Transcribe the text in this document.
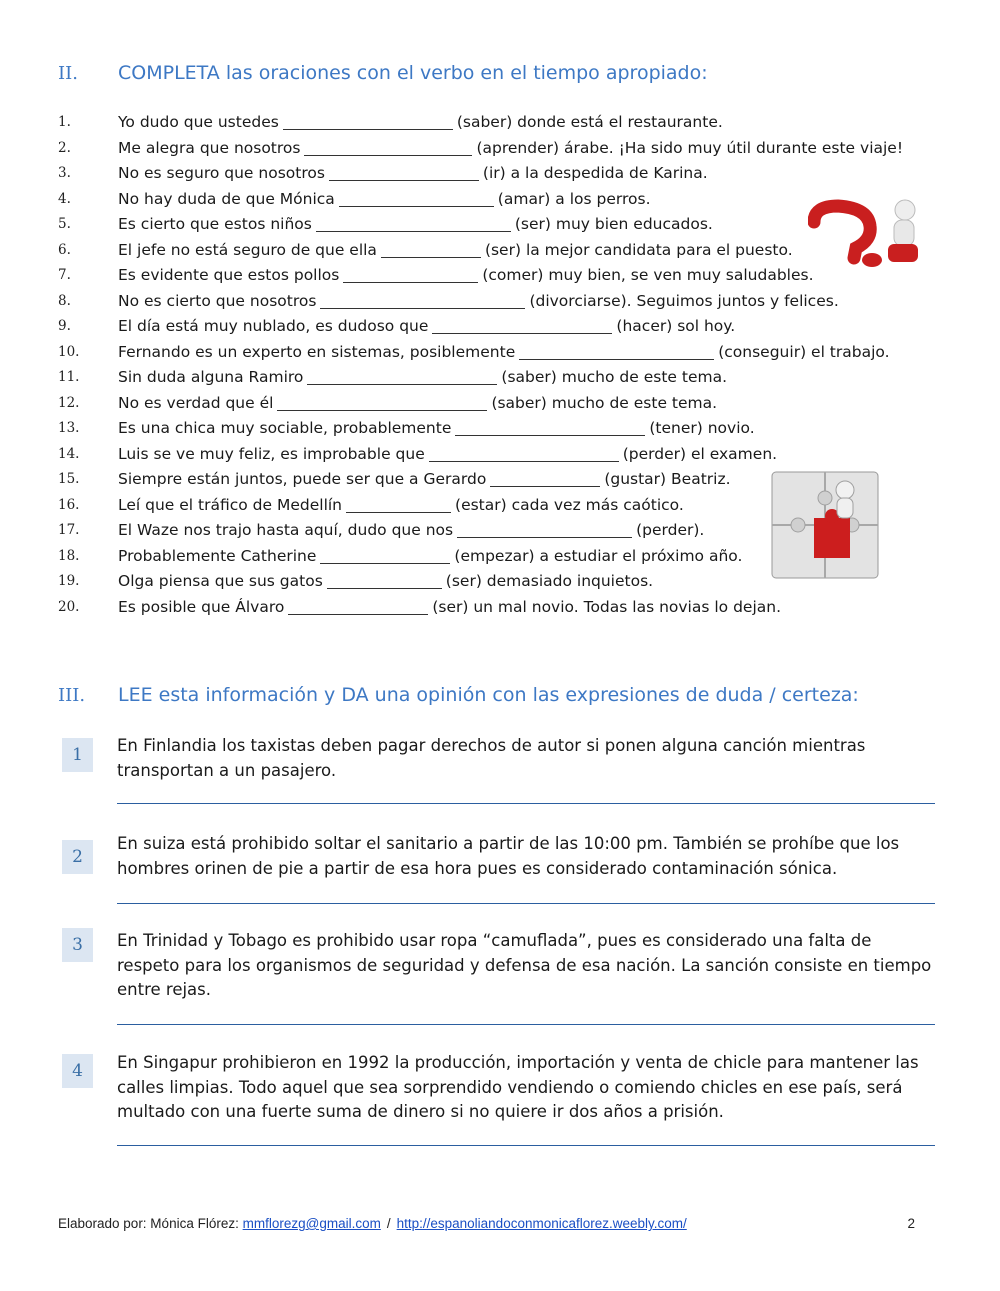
II.	COMPLETA las oraciones con el verbo en el tiempo apropiado:
1.	Yo dudo que ustedes	(saber) donde está el restaurante.
2.	Me alegra que nosotros	(aprender) árabe. ¡Ha sido muy útil durante este viaje!
3.	No es seguro que nosotros	(ir) a la despedida de Karina.
4.	No hay duda de que Mónica	(amar) a los perros.
5.	Es cierto que estos niños	(ser) muy bien educados.
6.	El jefe no está seguro de que ella	(ser) la mejor candidata para el puesto.
7.	Es evidente que estos pollos	(comer) muy bien, se ven muy saludables.
8.	No es cierto que nosotros	(divorciarse). Seguimos juntos y felices.
9.	El día está muy nublado, es dudoso que	(hacer) sol hoy.
10.	Fernando es un experto en sistemas, posiblemente	(conseguir) el trabajo.
11.	Sin duda alguna Ramiro	(saber) mucho de este tema.
12.	No es verdad que él	(saber) mucho de este tema.
13.	Es una chica muy sociable, probablemente	(tener) novio.
14.	Luis se ve muy feliz, es improbable que	(perder) el examen.
15.	Siempre están juntos, puede ser que a Gerardo	(gustar) Beatriz.
16.	Leí que el tráfico de Medellín	(estar) cada vez más caótico.
17.	El Waze nos trajo hasta aquí, dudo que nos	(perder).
18.	Probablemente Catherine	(empezar) a estudiar el próximo año.
19.	Olga piensa que sus gatos	(ser) demasiado inquietos.
20.	Es posible que Álvaro	(ser) un mal novio. Todas las novias lo dejan.
III.	LEE esta información y DA una opinión con las expresiones de duda / certeza:
1	En Finlandia los taxistas deben pagar derechos de autor si ponen alguna canción mientras transportan a un pasajero.
2
En suiza está prohibido soltar el sanitario a partir de las 10:00 pm. También se prohíbe que los hombres orinen de pie a partir de esa hora pues es considerado contaminación sónica.
3	En Trinidad y Tobago es prohibido usar ropa “camuflada”, pues es considerado una falta de respeto para los organismos de seguridad y defensa de esa nación. La sanción consiste en tiempo entre rejas.
4	En Singapur prohibieron en 1992 la producción, importación y venta de chicle para mantener las calles limpias. Todo aquel que sea sorprendido vendiendo o comiendo chicles en ese país, será multado con una fuerte suma de dinero si no quiere ir dos años a prisión.
Elaborado por: Mónica Flórez:
mmflorezg@gmail.com / http://espanoliandoconmonicaflorez.weebly.com/	2
